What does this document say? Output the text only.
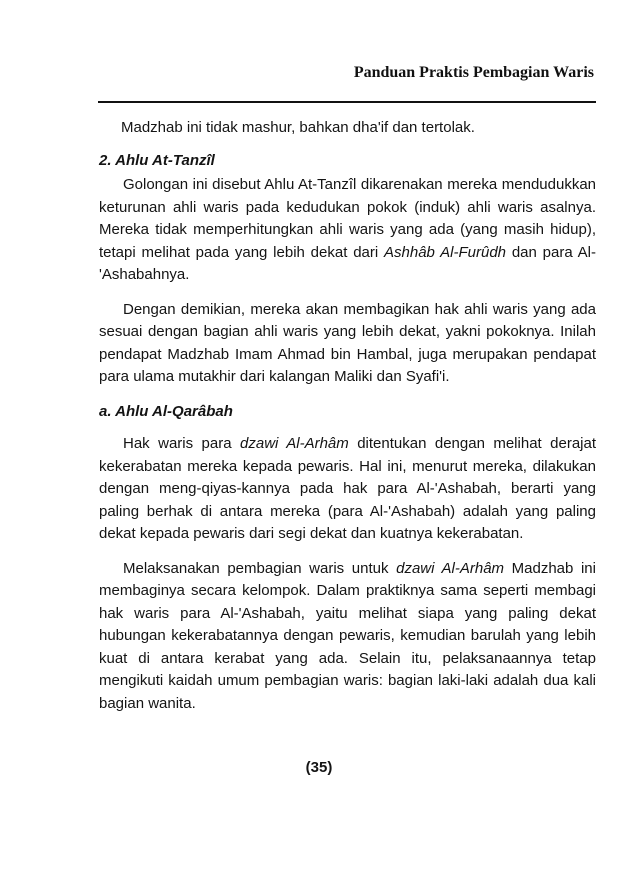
Panduan Praktis Pembagian Waris

Madzhab ini tidak mashur, bahkan dha'if dan tertolak.

2. Ahlu At-Tanzîl

Golongan ini disebut Ahlu At-Tanzîl dikarenakan mereka mendudukkan keturunan ahli waris pada kedudukan pokok (induk) ahli waris asalnya. Mereka tidak memperhitungkan ahli waris yang ada (yang masih hidup), tetapi melihat pada yang lebih dekat dari Ashhâb Al-Furûdh dan para Al-'Ashabahnya.

Dengan demikian, mereka akan membagikan hak ahli waris yang ada sesuai dengan bagian ahli waris yang lebih dekat, yakni pokoknya. Inilah pendapat Madzhab Imam Ahmad bin Hambal, juga merupakan pendapat para ulama mutakhir dari kalangan Maliki dan Syafi'i.

a. Ahlu Al-Qarâbah

Hak waris para dzawi Al-Arhâm ditentukan dengan melihat derajat kekerabatan mereka kepada pewaris. Hal ini, menurut mereka, dilakukan dengan meng-qiyas-kannya pada hak para Al-'Ashabah, berarti yang paling berhak di antara mereka (para Al-'Ashabah) adalah yang paling dekat kepada pewaris dari segi dekat dan kuatnya kekerabatan.

Melaksanakan pembagian waris untuk dzawi Al-Arhâm Madzhab ini membaginya secara kelompok. Dalam praktiknya sama seperti membagi hak waris para Al-'Ashabah, yaitu melihat siapa yang paling dekat hubungan kekerabatannya dengan pewaris, kemudian barulah yang lebih kuat di antara kerabat yang ada. Selain itu, pelaksanaannya tetap mengikuti kaidah umum pembagian waris: bagian laki-laki adalah dua kali bagian wanita.

(35)
